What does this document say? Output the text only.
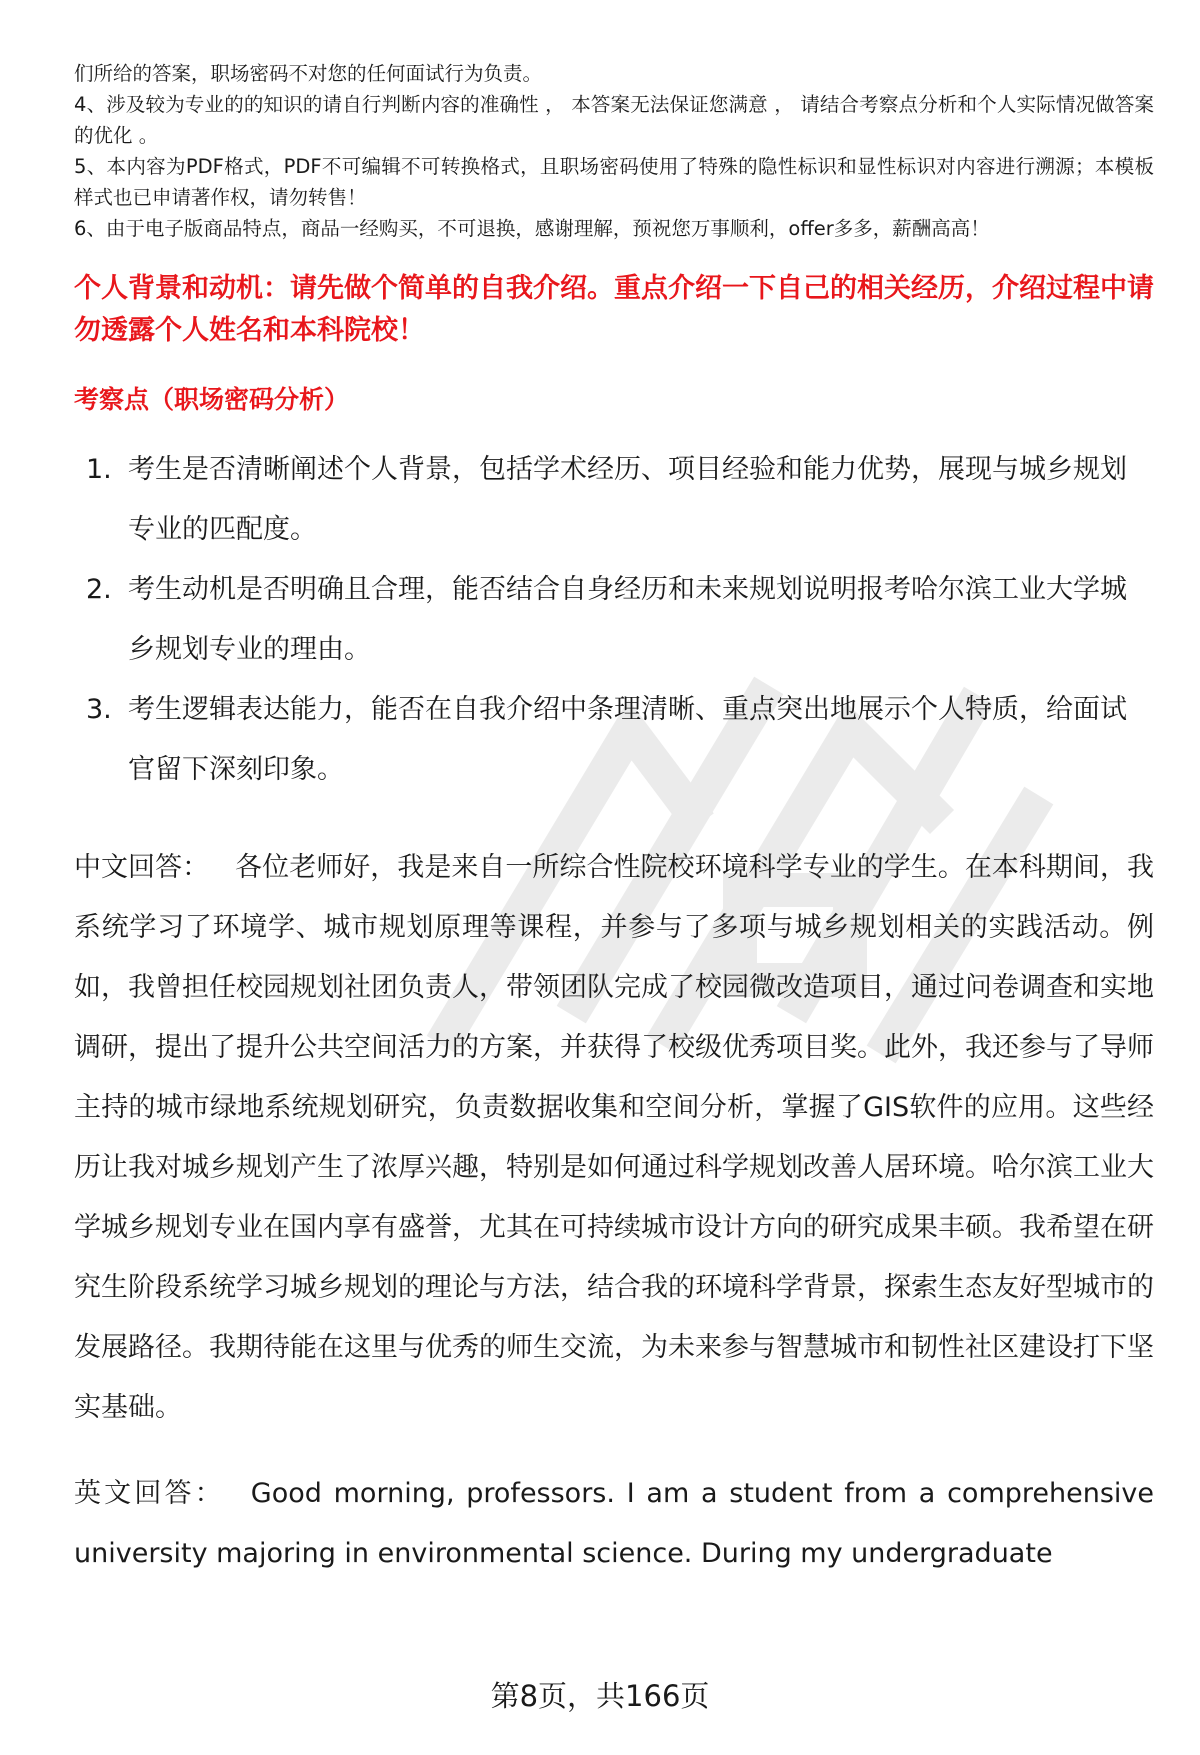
们所给的答案，职场密码不对您的任何面试行为负责。

4、涉及较为专业的的知识的请自行判断内容的准确性 ， 本答案无法保证您满意 ， 请结合考察点分析和个人实际情况做答案的优化 。

5、本内容为PDF格式，PDF不可编辑不可转换格式，且职场密码使用了特殊的隐性标识和显性标识对内容进行溯源；本模板样式也已申请著作权，请勿转售！

6、由于电子版商品特点，商品一经购买，不可退换，感谢理解，预祝您万事顺利，offer多多，薪酬高高！

个人背景和动机：请先做个简单的自我介绍。重点介绍一下自己的相关经历，介绍过程中请勿透露个人姓名和本科院校！
考察点（职场密码分析）
1. 考生是否清晰阐述个人背景，包括学术经历、项目经验和能力优势，展现与城乡规划专业的匹配度。
2. 考生动机是否明确且合理，能否结合自身经历和未来规划说明报考哈尔滨工业大学城乡规划专业的理由。
3. 考生逻辑表达能力，能否在自我介绍中条理清晰、重点突出地展示个人特质，给面试官留下深刻印象。

中文回答： 各位老师好，我是来自一所综合性院校环境科学专业的学生。在本科期间，我系统学习了环境学、城市规划原理等课程，并参与了多项与城乡规划相关的实践活动。例如，我曾担任校园规划社团负责人，带领团队完成了校园微改造项目，通过问卷调查和实地调研，提出了提升公共空间活力的方案，并获得了校级优秀项目奖。此外，我还参与了导师主持的城市绿地系统规划研究，负责数据收集和空间分析，掌握了GIS软件的应用。这些经历让我对城乡规划产生了浓厚兴趣，特别是如何通过科学规划改善人居环境。哈尔滨工业大学城乡规划专业在国内享有盛誉，尤其在可持续城市设计方向的研究成果丰硕。我希望在研究生阶段系统学习城乡规划的理论与方法，结合我的环境科学背景，探索生态友好型城市的发展路径。我期待能在这里与优秀的师生交流，为未来参与智慧城市和韧性社区建设打下坚实基础。

英文回答： Good morning, professors. I am a student from a comprehensive university majoring in environmental science. During my undergraduate

第8页，共166页
